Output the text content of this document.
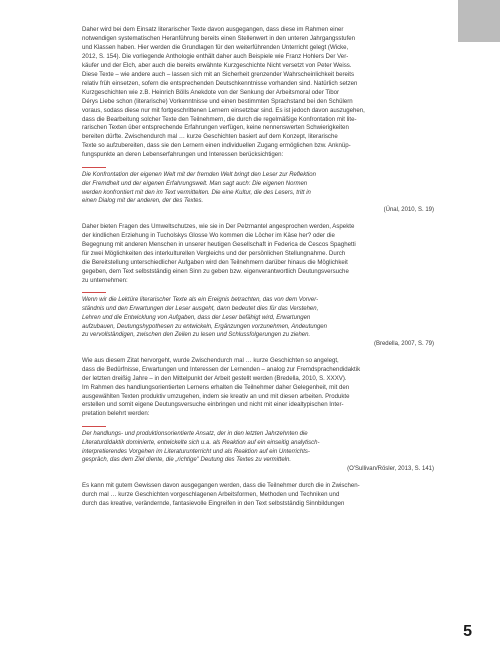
Daher wird bei dem Einsatz literarischer Texte davon ausgegangen, dass diese im Rahmen einer
notwendigen systematischen Heranführung bereits einen Stellenwert in den unteren Jahrgangsstufen
und Klassen haben. Hier werden die Grundlagen für den weiterführenden Unterricht gelegt (Wicke,
2012, S. 154). Die vorliegende Anthologie enthält daher auch Beispiele wie Franz Hohlers Der Ver-
käufer und der Elch, aber auch die bereits erwähnte Kurzgeschichte Nicht versetzt von Peter Weiss.
Diese Texte – wie andere auch – lassen sich mit an Sicherheit grenzender Wahrscheinlichkeit bereits
relativ früh einsetzen, sofern die entsprechenden Deutschkenntnisse vorhanden sind. Natürlich setzen
Kurzgeschichten wie z.B. Heinrich Bölls Anekdote von der Senkung der Arbeitsmoral oder Tibor
Dérys Liebe schon (literarische) Vorkenntnisse und einen bestimmten Sprachstand bei den Schülern
voraus, sodass diese nur mit fortgeschrittenen Lernern einsetzbar sind. Es ist jedoch davon auszugehen,
dass die Bearbeitung solcher Texte den Teilnehmern, die durch die regelmäßige Konfrontation mit lite-
rarischen Texten über entsprechende Erfahrungen verfügen, keine nennenswerten Schwierigkeiten
bereiten dürfte. Zwischendurch mal … kurze Geschichten basiert auf dem Konzept, literarische
Texte so aufzubereiten, dass sie den Lernern einen individuellen Zugang ermöglichen bzw. Anknüp-
fungspunkte an deren Lebenserfahrungen und Interessen berücksichtigen:
Die Konfrontation der eigenen Welt mit der fremden Welt bringt den Leser zur Reflektion
der Fremdheit und der eigenen Erfahrungswelt. Man sagt auch: Die eigenen Normen
werden konfrontiert mit den im Text vermittelten. Die eine Kultur, die des Lesers, tritt in
einen Dialog mit der anderen, der des Textes.
(Ünal, 2010, S. 19)
Daher bieten Fragen des Umweltschutzes, wie sie in Der Pelzmantel angesprochen werden, Aspekte
der kindlichen Erziehung in Tucholskys Glosse Wo kommen die Löcher im Käse her? oder die
Begegnung mit anderen Menschen in unserer heutigen Gesellschaft in Federica de Cescos Spaghetti
für zwei Möglichkeiten des interkulturellen Vergleichs und der persönlichen Stellungnahme. Durch
die Bereitstellung unterschiedlicher Aufgaben wird den Teilnehmern darüber hinaus die Möglichkeit
gegeben, dem Text selbstständig einen Sinn zu geben bzw. eigenverantwortlich Deutungsversuche
zu unternehmen:
Wenn wir die Lektüre literarischer Texte als ein Ereignis betrachten, das von dem Vorver-
ständnis und den Erwartungen der Leser ausgeht, dann bedeutet dies für das Verstehen,
Lehren und die Entwicklung von Aufgaben, dass der Leser befähigt wird, Erwartungen
aufzubauen, Deutungshypothesen zu entwickeln, Ergänzungen vorzunehmen, Andeutungen
zu vervollständigen, zwischen den Zeilen zu lesen und Schlussfolgerungen zu ziehen.
(Bredella, 2007, S. 79)
Wie aus diesem Zitat hervorgeht, wurde Zwischendurch mal … kurze Geschichten so angelegt,
dass die Bedürfnisse, Erwartungen und Interessen der Lernenden – analog zur Fremdsprachendidaktik
der letzten dreißig Jahre – in den Mittelpunkt der Arbeit gestellt werden (Bredella, 2010, S. XXXV).
Im Rahmen des handlungsorientierten Lernens erhalten die Teilnehmer daher Gelegenheit, mit den
ausgewählten Texten produktiv umzugehen, indem sie kreativ an und mit diesen arbeiten. Produkte
erstellen und somit eigene Deutungsversuche einbringen und nicht mit einer idealtypischen Inter-
pretation belehrt werden:
Der handlungs- und produktionsorientierte Ansatz, der in den letzten Jahrzehnten die
Literaturdidaktik dominierte, entwickelte sich u.a. als Reaktion auf ein einseitig analytisch-
interpretierendes Vorgehen im Literaturunterricht und als Reaktion auf ein Unterrichts-
gespräch, das dem Ziel diente, die „richtige" Deutung des Textes zu vermitteln.
(O'Sullivan/Rösler, 2013, S. 141)
Es kann mit gutem Gewissen davon ausgegangen werden, dass die Teilnehmer durch die in Zwischen-
durch mal … kurze Geschichten vorgeschlagenen Arbeitsformen, Methoden und Techniken und
durch das kreative, verändernde, fantasievolle Eingreifen in den Text selbstständig Sinnbildungen
5
